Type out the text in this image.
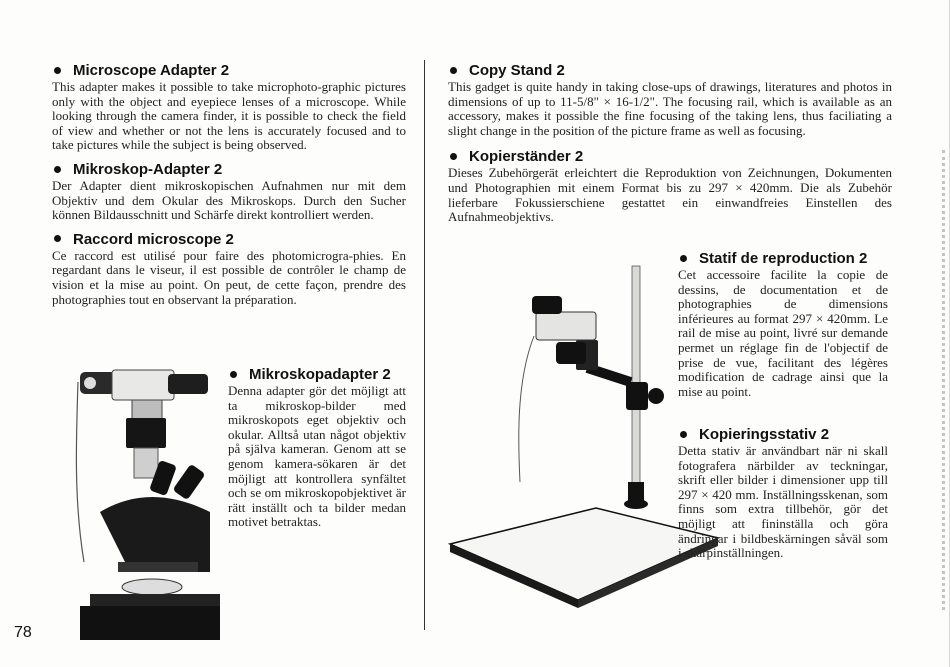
Microscope Adapter 2

This adapter makes it possible to take microphoto-graphic pictures only with the object and eyepiece lenses of a microscope. While looking through the camera finder, it is possible to check the field of view and whether or not the lens is accurately focused and to take pictures while the subject is being observed.

Mikroskop-Adapter 2

Der Adapter dient mikroskopischen Aufnahmen nur mit dem Objektiv und dem Okular des Mikroskops. Durch den Sucher können Bildausschnitt und Schärfe direkt kontrolliert werden.

Raccord microscope 2

Ce raccord est utilisé pour faire des photomicrogra-phies. En regardant dans le viseur, il est possible de contrôler le champ de vision et la mise au point. On peut, de cette façon, prendre des photographies tout en observant la préparation.

Mikroskopadapter 2

Denna adapter gör det möjligt att ta mikroskop-bilder med mikroskopots eget objektiv och okular. Alltså utan något objektiv på själva kameran. Genom att se genom kamera-sökaren är det möjligt att kontrollera synfältet och se om mikroskopobjektivet är rätt inställt och ta bilder medan motivet betraktas.

Copy Stand 2

This gadget is quite handy in taking close-ups of drawings, literatures and photos in dimensions of up to 11-5/8" × 16-1/2". The focusing rail, which is available as an accessory, makes it possible the fine focusing of the taking lens, thus faciliating a slight change in the position of the picture frame as well as focusing.

Kopierständer 2

Dieses Zubehörgerät erleichtert die Reproduktion von Zeichnungen, Dokumenten und Photographien mit einem Format bis zu 297 × 420mm. Die als Zubehör lieferbare Fokussierschiene gestattet ein einwandfreies Einstellen des Aufnahmeobjektivs.

Statif de reproduction 2

Cet accessoire facilite la copie de dessins, de documentation et de photographies de dimensions inférieures au format 297 × 420mm. Le rail de mise au point, livré sur demande permet un réglage fin de l'objectif de prise de vue, facilitant des légères modification de cadrage ainsi que la mise au point.

Kopieringsstativ 2

Detta stativ är användbart när ni skall fotografera närbilder av teckningar, skrift eller bilder i dimensioner upp till 297 × 420 mm. Inställningsskenan, som finns som extra tillbehör, gör det möjligt att fininställa och göra ändringar i bildbeskärningen såväl som i skärpinställningen.

78
